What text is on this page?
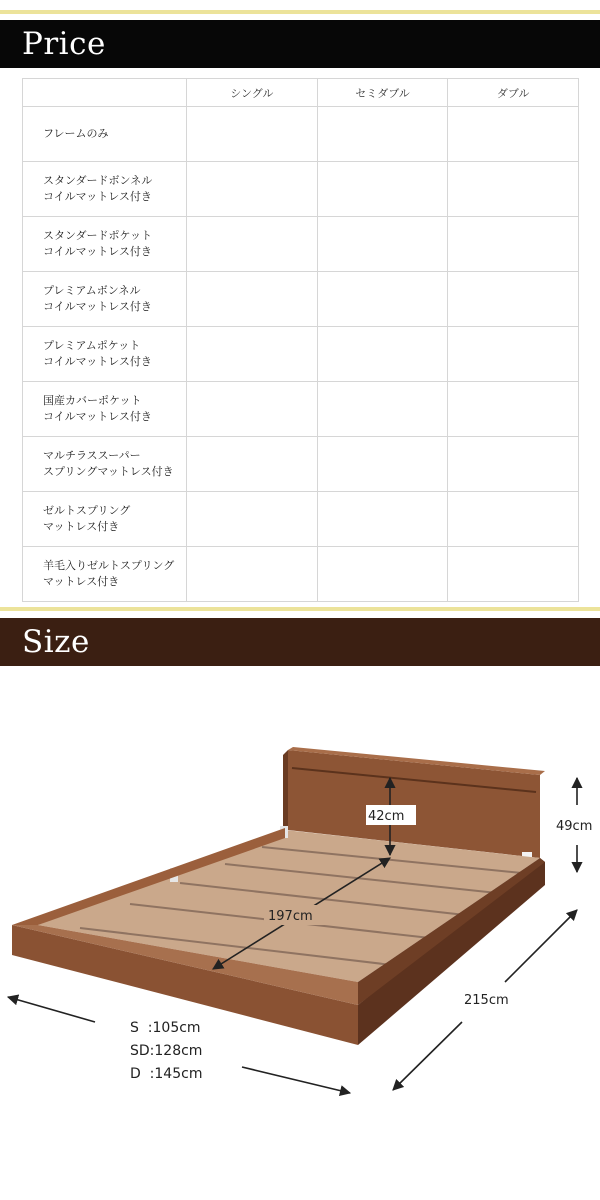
Price
	シングル	セミダブル	ダブル

フレームのみ			

スタンダードボンネル
コイルマットレス付き			

スタンダードポケット
コイルマットレス付き			

プレミアムボンネル
コイルマットレス付き			

プレミアムポケット
コイルマットレス付き			

国産カバーポケット
コイルマットレス付き			

マルチラススーパー
スプリングマットレス付き			

ゼルトスプリング
マットレス付き			

羊毛入りゼルトスプリング
マットレス付き			

Size
42cm
49cm
197cm
215cm
S  :105cm
SD:128cm
D  :145cm
